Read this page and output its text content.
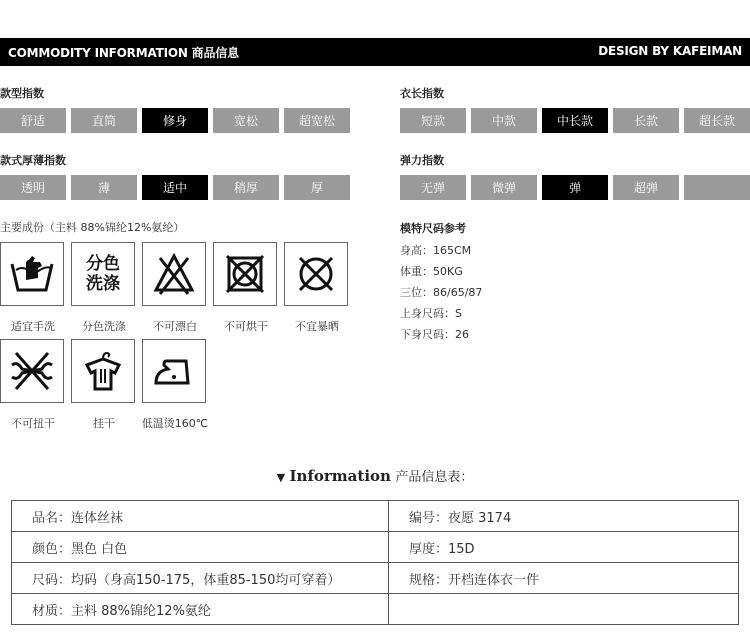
COMMODITY INFORMATION 商品信息	DESIGN BY KAFEIMAN
款型指数
舒适	直筒	修身	宽松	超宽松
衣长指数
短款	中款	中长款	长款	超长款
款式厚薄指数
透明	薄	适中	稍厚	厚
弹力指数
无弹	微弹	弹	超弹
主要成份（主料 88%锦纶12%氨纶）
分色
洗涤
适宜手洗	分色洗涤	不可漂白	不可烘干	不宜暴晒
不可扭干	挂干	低温烫160℃
模特尺码参考
身高：165CM
体重：50KG
三位：86/65/87
上身尺码：S
下身尺码：26
▼ Information 产品信息表：
品名：连体丝袜	编号：夜愿 3174
颜色：黑色 白色	厚度：15D
尺码：均码（身高150-175，体重85-150均可穿着）	规格：开档连体衣一件
材质：主料 88%锦纶12%氨纶	
